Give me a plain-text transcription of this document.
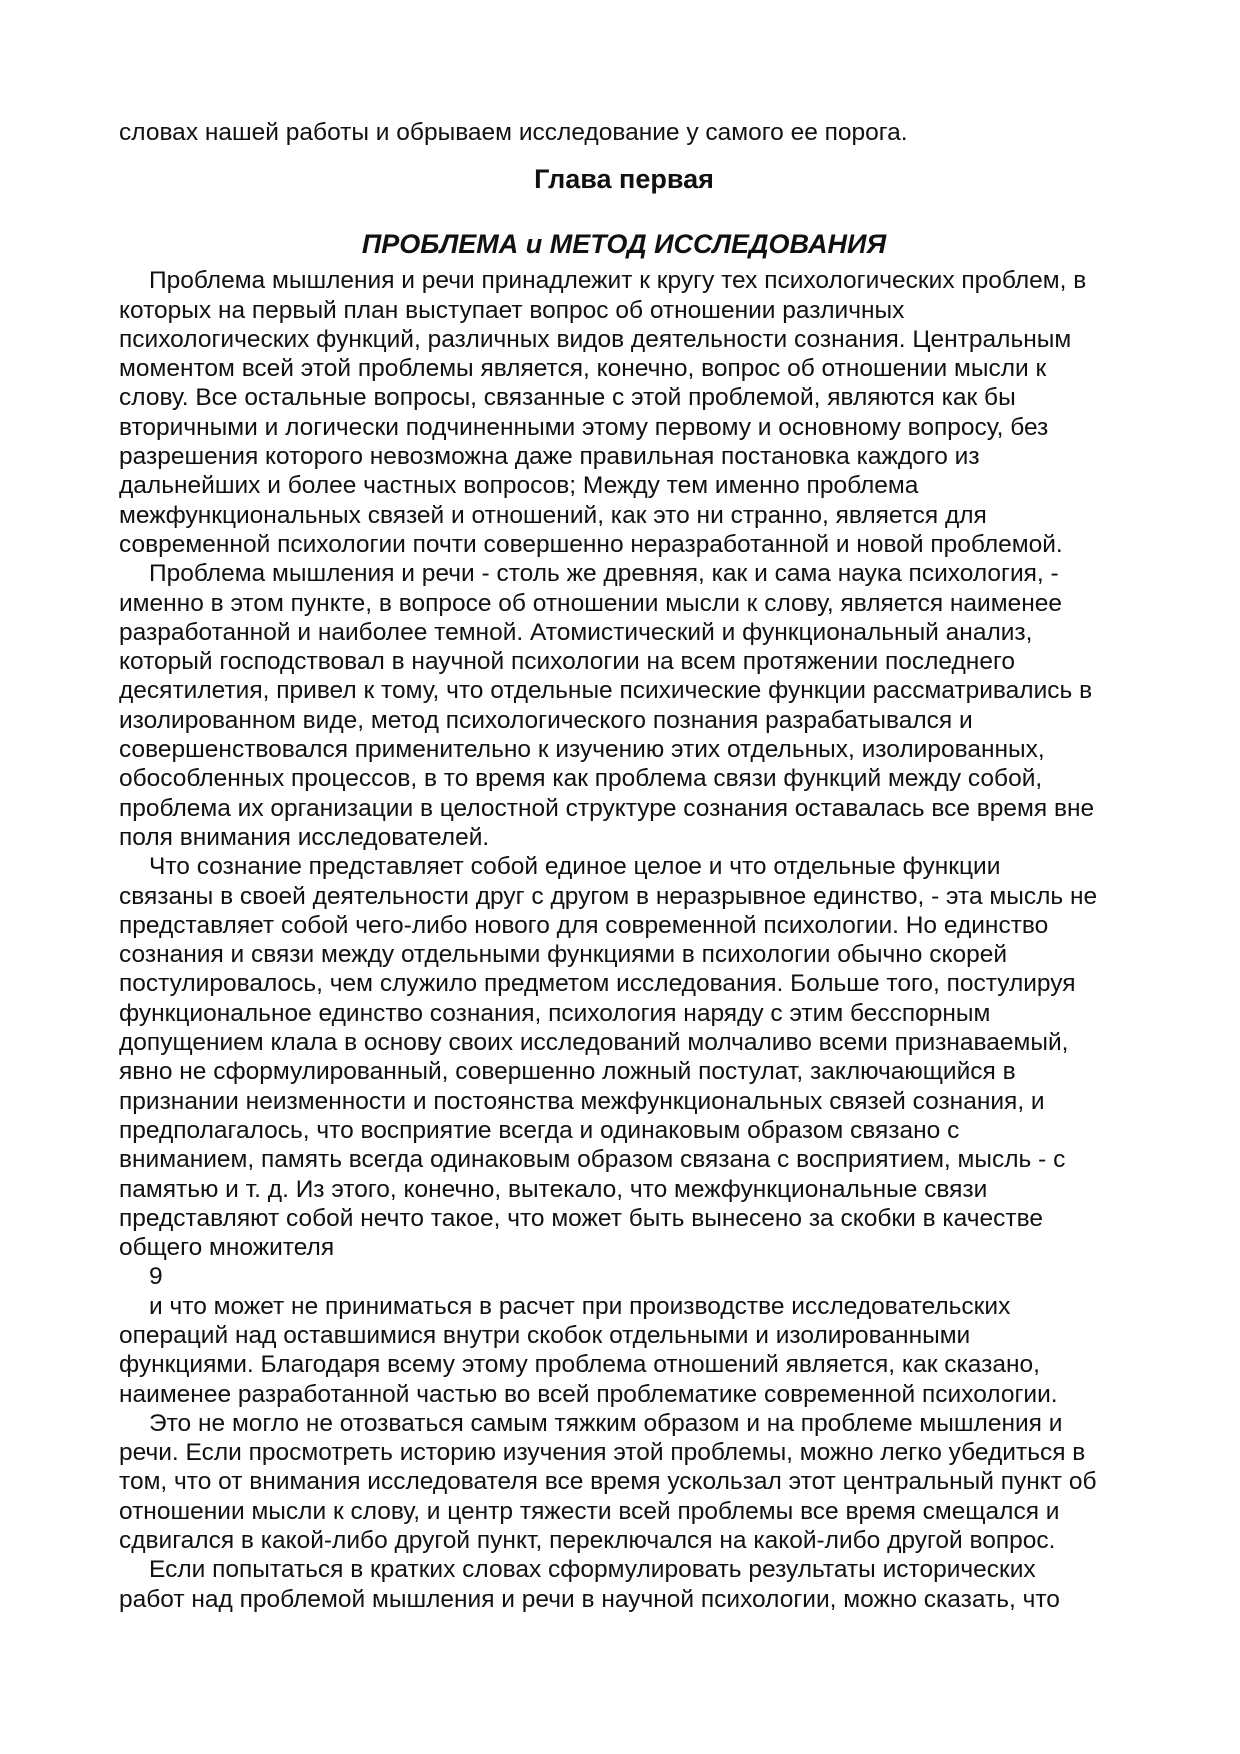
словах нашей работы и обрываем исследование у самого ее порога.
Глава первая
ПРОБЛЕМА и МЕТОД ИССЛЕДОВАНИЯ
Проблема мышления и речи принадлежит к кругу тех психологических проблем, в
которых на первый план выступает вопрос об отношении различных
психологических функций, различных видов деятельности сознания. Центральным
моментом всей этой проблемы является, конечно, вопрос об отношении мысли к
слову. Все остальные вопросы, связанные с этой проблемой, являются как бы
вторичными и логически подчиненными этому первому и основному вопросу, без
разрешения которого невозможна даже правильная постановка каждого из
дальнейших и более частных вопросов; Между тем именно проблема
межфункциональных связей и отношений, как это ни странно, является для
современной психологии почти совершенно неразработанной и новой проблемой.
Проблема мышления и речи - столь же древняя, как и сама наука психология, -
именно в этом пункте, в вопросе об отношении мысли к слову, является наименее
разработанной и наиболее темной. Атомистический и функциональный анализ,
который господствовал в научной психологии на всем протяжении последнего
десятилетия, привел к тому, что отдельные психические функции рассматривались в
изолированном виде, метод психологического познания разрабатывался и
совершенствовался применительно к изучению этих отдельных, изолированных,
обособленных процессов, в то время как проблема связи функций между собой,
проблема их организации в целостной структуре сознания оставалась все время вне
поля внимания исследователей.
Что сознание представляет собой единое целое и что отдельные функции
связаны в своей деятельности друг с другом в неразрывное единство, - эта мысль не
представляет собой чего-либо нового для современной психологии. Но единство
сознания и связи между отдельными функциями в психологии обычно скорей
постулировалось, чем служило предметом исследования. Больше того, постулируя
функциональное единство сознания, психология наряду с этим бесспорным
допущением клала в основу своих исследований молчаливо всеми признаваемый,
явно не сформулированный, совершенно ложный постулат, заключающийся в
признании неизменности и постоянства межфункциональных связей сознания, и
предполагалось, что восприятие всегда и одинаковым образом связано с
вниманием, память всегда одинаковым образом связана с восприятием, мысль - с
памятью и т. д. Из этого, конечно, вытекало, что межфункциональные связи
представляют собой нечто такое, что может быть вынесено за скобки в качестве
общего множителя
9
и что может не приниматься в расчет при производстве исследовательских
операций над оставшимися внутри скобок отдельными и изолированными
функциями. Благодаря всему этому проблема отношений является, как сказано,
наименее разработанной частью во всей проблематике современной психологии.
Это не могло не отозваться самым тяжким образом и на проблеме мышления и
речи. Если просмотреть историю изучения этой проблемы, можно легко убедиться в
том, что от внимания исследователя все время ускользал этот центральный пункт об
отношении мысли к слову, и центр тяжести всей проблемы все время смещался и
сдвигался в какой-либо другой пункт, переключался на какой-либо другой вопрос.
Если попытаться в кратких словах сформулировать результаты исторических
работ над проблемой мышления и речи в научной психологии, можно сказать, что
